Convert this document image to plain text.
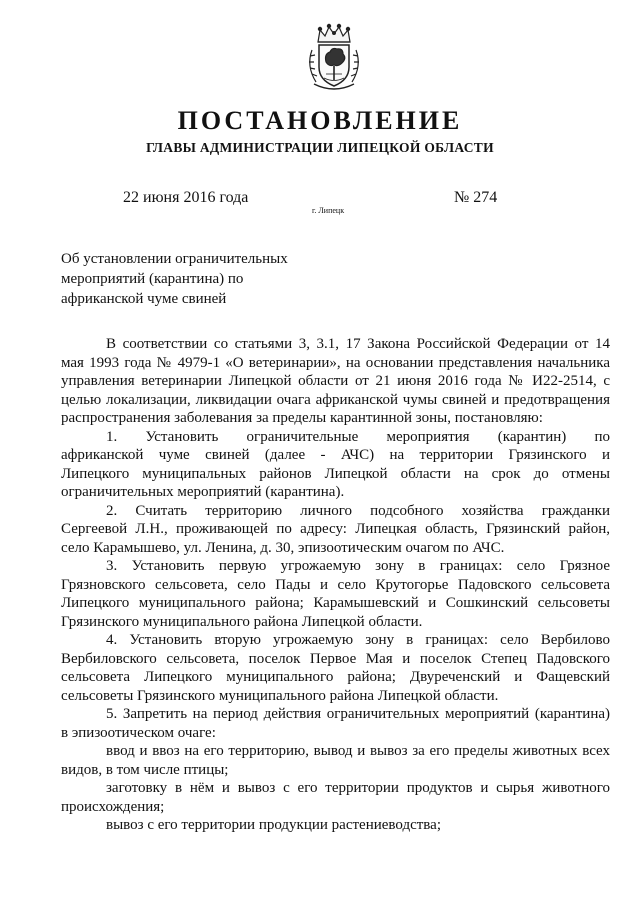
ПОСТАНОВЛЕНИЕ
ГЛАВЫ АДМИНИСТРАЦИИ ЛИПЕЦКОЙ ОБЛАСТИ
22 июня 2016 года
г. Липецк
№ 274
Об установлении ограничительных
мероприятий (карантина) по
африканской чуме свиней
В соответствии со статьями 3, 3.1, 17 Закона Российской Федерации от 14
мая 1993 года № 4979-1 «О ветеринарии», на основании представления начальника
управления ветеринарии Липецкой области от 21 июня 2016 года № И22-2514, с
целью локализации, ликвидации очага африканской чумы свиней и предотвращения
распространения заболевания за пределы карантинной зоны, постановляю:
1. Установить ограничительные мероприятия (карантин) по
африканской чуме свиней (далее - АЧС) на территории Грязинского и
Липецкого муниципальных районов Липецкой области на срок до отмены
ограничительных мероприятий (карантина).
2. Считать территорию личного подсобного хозяйства гражданки
Сергеевой Л.Н., проживающей по адресу: Липецкая область, Грязинский район,
село Карамышево, ул. Ленина, д. 30, эпизоотическим очагом по АЧС.
3. Установить первую угрожаемую зону в границах: село Грязное
Грязновского сельсовета, село Пады и село Крутогорье Падовского сельсовета
Липецкого муниципального района; Карамышевский и Сошкинский сельсоветы
Грязинского муниципального района Липецкой области.
4. Установить вторую угрожаемую зону в границах: село Вербилово
Вербиловского сельсовета, поселок Первое Мая и поселок Степец Падовского
сельсовета Липецкого муниципального района; Двуреченский и Фащевский
сельсоветы Грязинского муниципального района Липецкой области.
5. Запретить на период действия ограничительных мероприятий (карантина)
в эпизоотическом очаге:
ввод и ввоз на его территорию, вывод и вывоз за его пределы животных всех
видов, в том числе птицы;
заготовку в нём и вывоз с его территории продуктов и сырья животного
происхождения;
вывоз с его территории продукции растениеводства;
